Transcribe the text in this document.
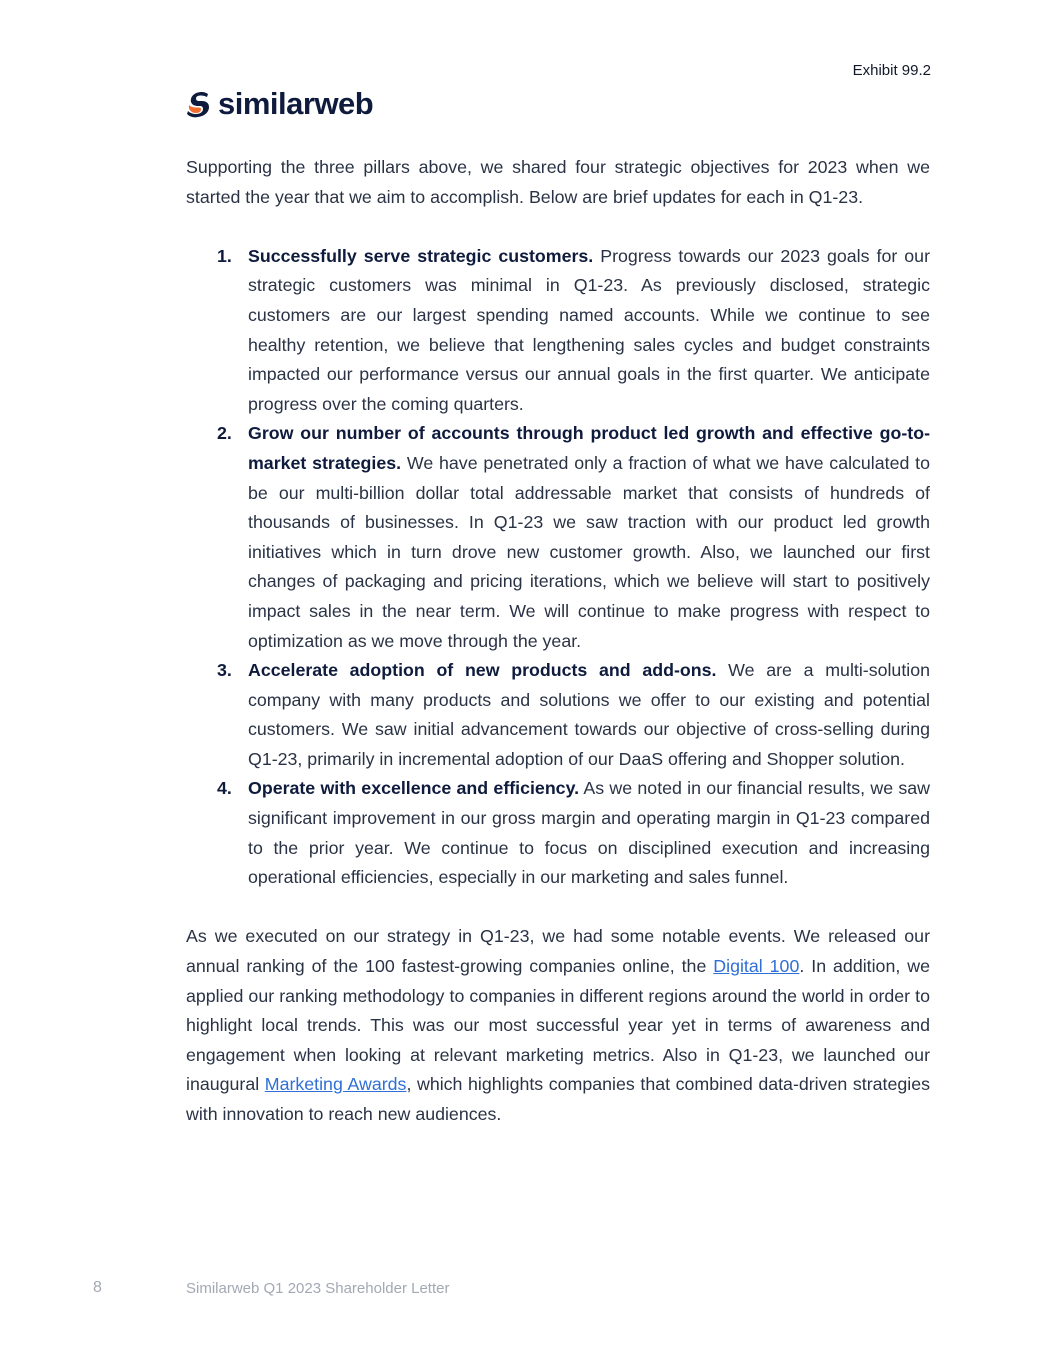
Exhibit 99.2
similarweb

Supporting the three pillars above, we shared four strategic objectives for 2023 when we started the year that we aim to accomplish. Below are brief updates for each in Q1-23.

1. Successfully serve strategic customers. Progress towards our 2023 goals for our strategic customers was minimal in Q1-23. As previously disclosed, strategic customers are our largest spending named accounts. While we continue to see healthy retention, we believe that lengthening sales cycles and budget constraints impacted our performance versus our annual goals in the first quarter. We anticipate progress over the coming quarters.
2. Grow our number of accounts through product led growth and effective go-to-market strategies. We have penetrated only a fraction of what we have calculated to be our multi-billion dollar total addressable market that consists of hundreds of thousands of businesses. In Q1-23 we saw traction with our product led growth initiatives which in turn drove new customer growth. Also, we launched our first changes of packaging and pricing iterations, which we believe will start to positively impact sales in the near term. We will continue to make progress with respect to optimization as we move through the year.
3. Accelerate adoption of new products and add-ons. We are a multi-solution company with many products and solutions we offer to our existing and potential customers. We saw initial advancement towards our objective of cross-selling during Q1-23, primarily in incremental adoption of our DaaS offering and Shopper solution.
4. Operate with excellence and efficiency. As we noted in our financial results, we saw significant improvement in our gross margin and operating margin in Q1-23 compared to the prior year. We continue to focus on disciplined execution and increasing operational efficiencies, especially in our marketing and sales funnel.

As we executed on our strategy in Q1-23, we had some notable events. We released our annual ranking of the 100 fastest-growing companies online, the Digital 100. In addition, we applied our ranking methodology to companies in different regions around the world in order to highlight local trends. This was our most successful year yet in terms of awareness and engagement when looking at relevant marketing metrics. Also in Q1-23, we launched our inaugural Marketing Awards, which highlights companies that combined data-driven strategies with innovation to reach new audiences.

8	Similarweb Q1 2023 Shareholder Letter
